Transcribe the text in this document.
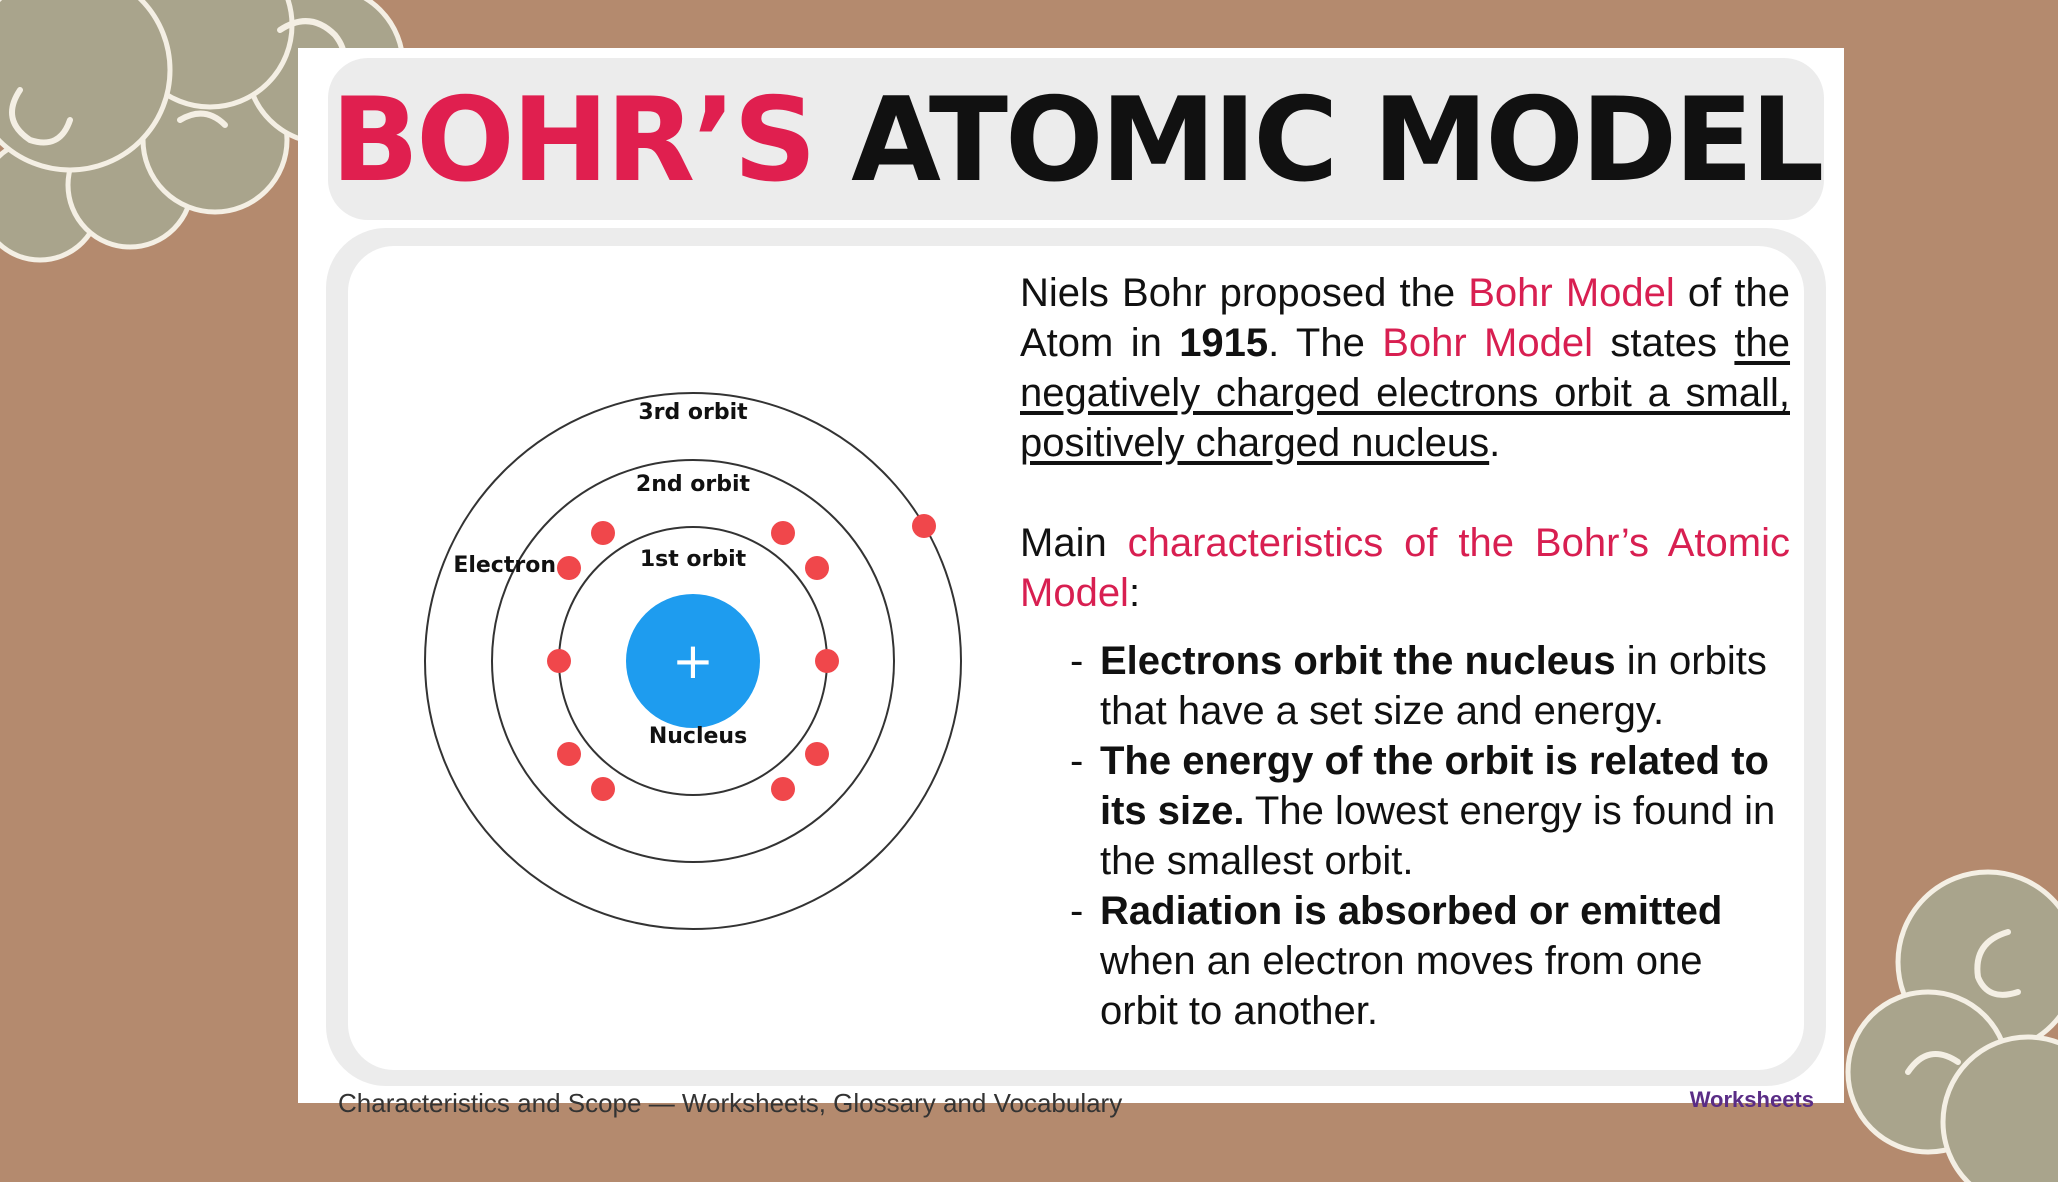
BOHR’S ATOMIC MODEL
+
3rd orbit
2nd orbit
1st orbit
Electron
Nucleus

Niels Bohr proposed the Bohr Model of the Atom in 1915. The Bohr Model states the negatively charged electrons orbit a small, positively charged nucleus.

Main characteristics of the Bohr’s Atomic Model:

- Electrons orbit the nucleus in orbits that have a set size and energy.
- The energy of the orbit is related to its size. The lowest energy is found in the smallest orbit.
- Radiation is absorbed or emitted when an electron moves from one orbit to another.
Characteristics and Scope — Worksheets, Glossary and Vocabulary	Worksheets
